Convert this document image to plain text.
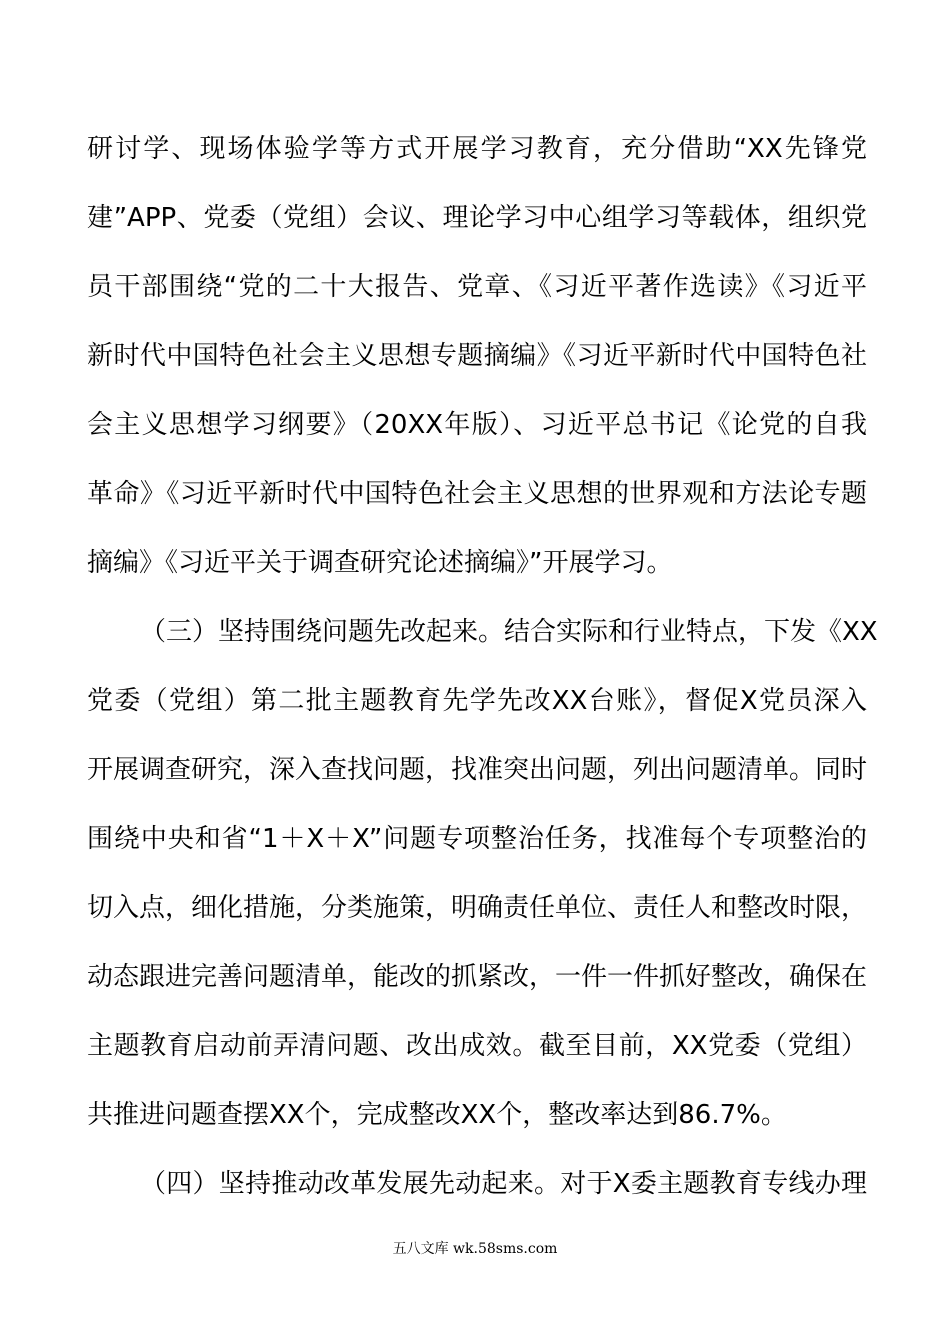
研讨学、现场体验学等方式开展学习教育，充分借助“XX先锋党
建”APP、党委（党组）会议、理论学习中心组学习等载体，组织党
员干部围绕“党的二十大报告、党章、《习近平著作选读》《习近平
新时代中国特色社会主义思想专题摘编》《习近平新时代中国特色社
会主义思想学习纲要》（20XX年版）、习近平总书记《论党的自我
革命》《习近平新时代中国特色社会主义思想的世界观和方法论专题
摘编》《习近平关于调查研究论述摘编》”开展学习。
（三）坚持围绕问题先改起来。结合实际和行业特点，下发《XX
党委（党组）第二批主题教育先学先改XX台账》，督促X党员深入
开展调查研究，深入查找问题，找准突出问题，列出问题清单。同时
围绕中央和省“1＋X＋X”问题专项整治任务，找准每个专项整治的
切入点，细化措施，分类施策，明确责任单位、责任人和整改时限，
动态跟进完善问题清单，能改的抓紧改，一件一件抓好整改，确保在
主题教育启动前弄清问题、改出成效。截至目前，XX党委（党组）
共推进问题查摆XX个，完成整改XX个，整改率达到86.7%。
（四）坚持推动改革发展先动起来。对于X委主题教育专线办理
五八文库 wk.58sms.com
